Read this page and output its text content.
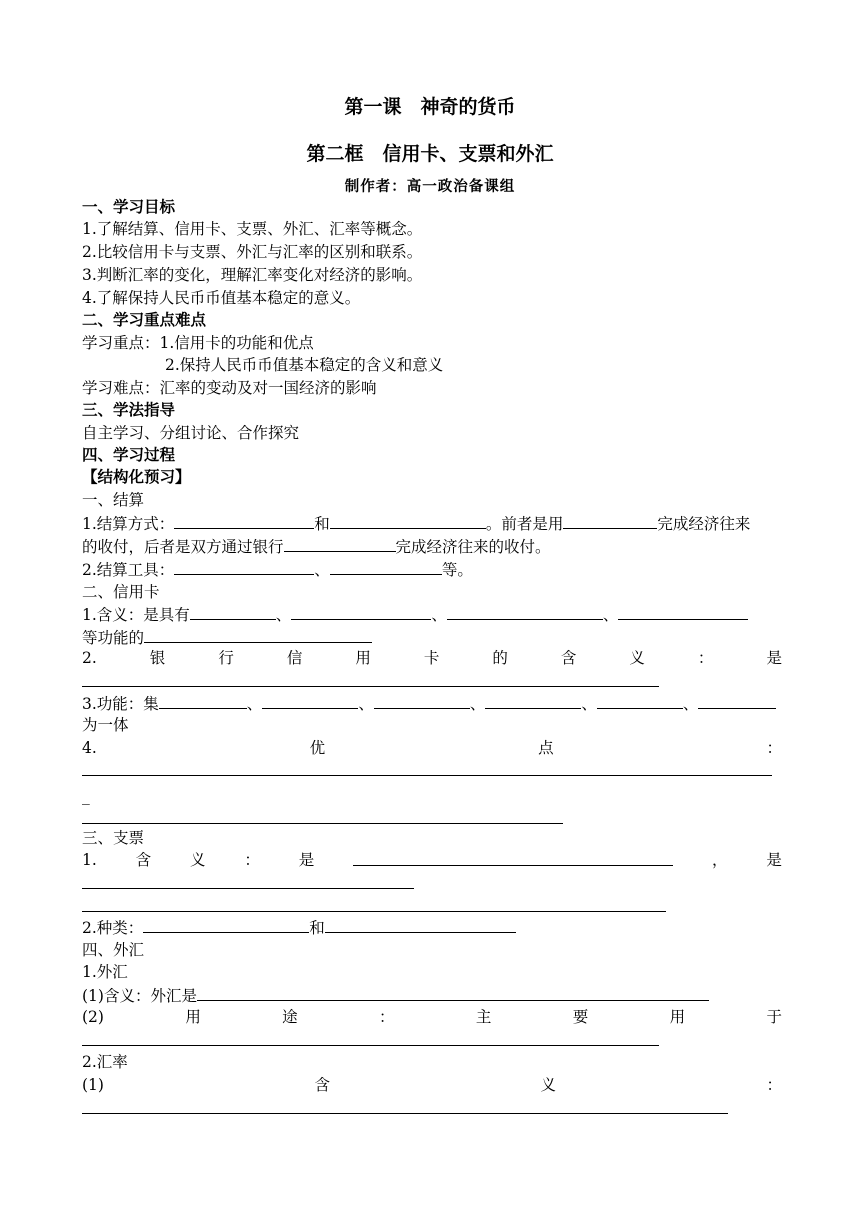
第一课　神奇的货币
第二框　信用卡、支票和外汇
制作者：高一政治备课组
一、学习目标
1.了解结算、信用卡、支票、外汇、汇率等概念。
2.比较信用卡与支票、外汇与汇率的区别和联系。
3.判断汇率的变化，理解汇率变化对经济的影响。
4.了解保持人民币币值基本稳定的意义。
二、学习重点难点
学习重点：1.信用卡的功能和优点
2.保持人民币币值基本稳定的含义和意义
学习难点：汇率的变动及对一国经济的影响
三、学法指导
自主学习、分组讨论、合作探究
四、学习过程
【结构化预习】
一、结算
1.结算方式：	和	。前者是用	完成经济往来
的收付，后者是双方通过银行	完成经济往来的收付。
2.结算工具：	、	等。
二、信用卡
1.含义：是具有	、	、	、
等功能的
2.	银	行	信	用	卡	的	含	义	：	是
3.功能：集	、	、	、	、	、
为一体
4.	优	点	：
_
三、支票
1.	含	义	：	是	，	是
2.种类：	和
四、外汇
1.外汇
(1)含义：外汇是
(2)	用	途	：	主	要	用	于
2.汇率
(1)	含	义	：
